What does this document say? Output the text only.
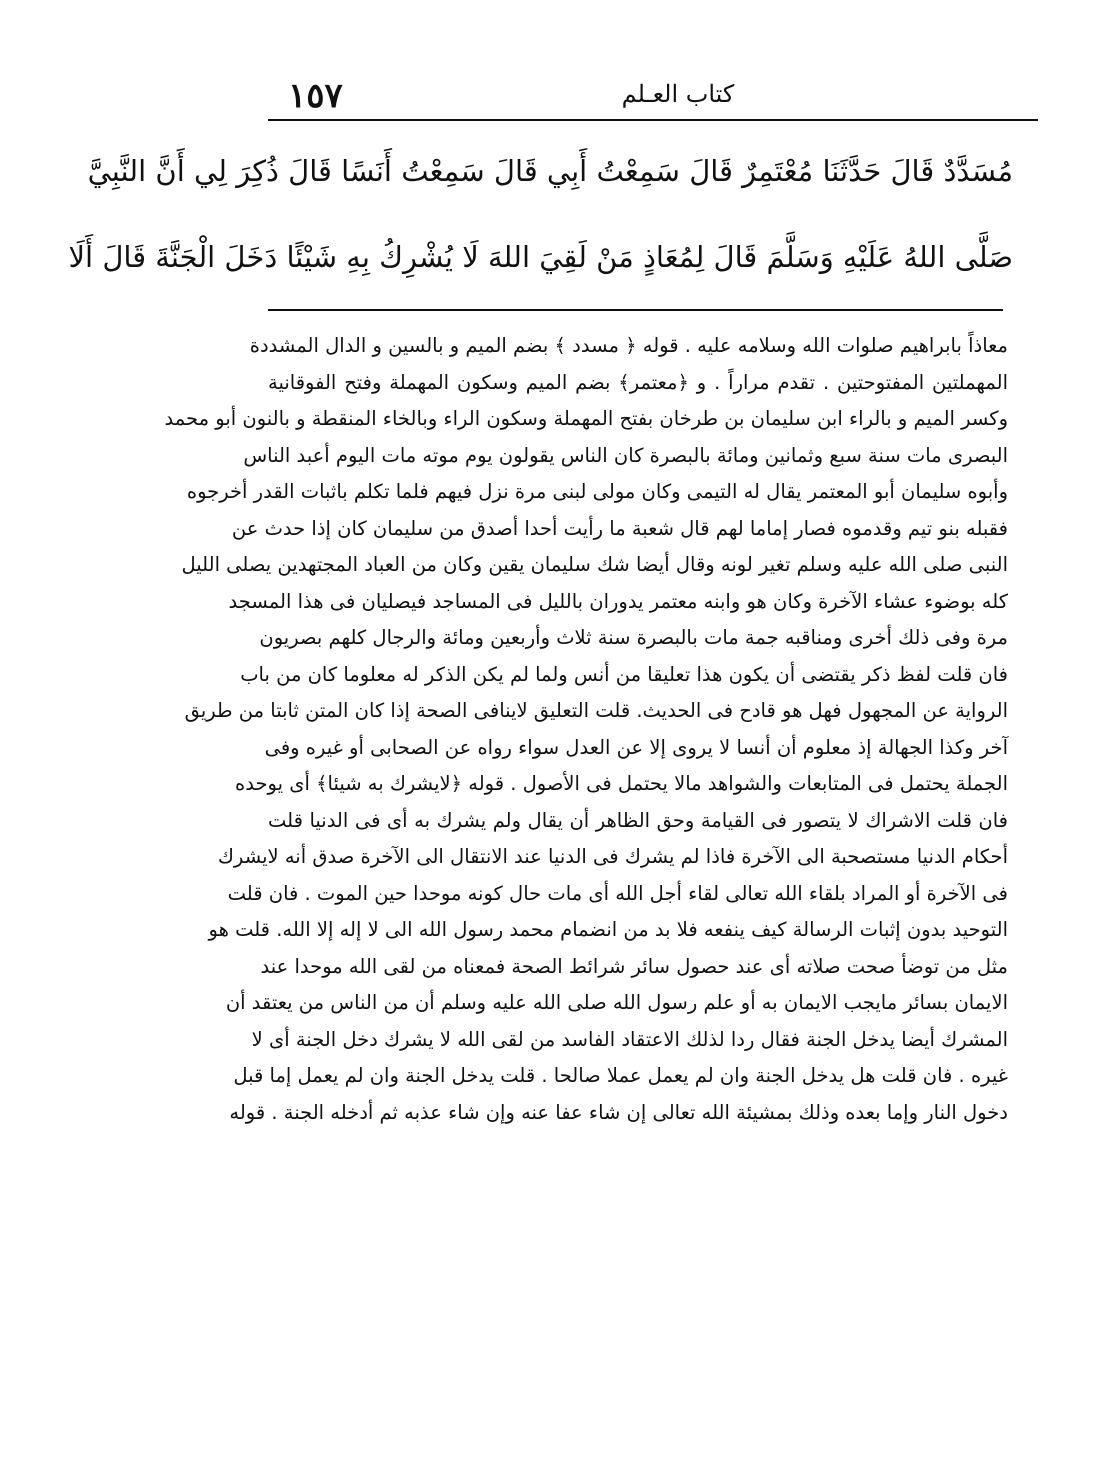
١٥٧	كتاب العـلم
مُسَدَّدٌ قَالَ حَدَّثَنَا مُعْتَمِرٌ قَالَ سَمِعْتُ أَبِي قَالَ سَمِعْتُ أَنَسًا قَالَ ذُكِرَ لِي أَنَّ النَّبِيَّ
صَلَّى اللهُ عَلَيْهِ وَسَلَّمَ قَالَ لِمُعَاذٍ مَنْ لَقِيَ اللهَ لَا يُشْرِكُ بِهِ شَيْئًا دَخَلَ الْجَنَّةَ قَالَ أَلَا
معاذاً بابراهيم صلوات الله وسلامه عليه . قوله ﴿ مسدد ﴾ بضم الميم و بالسين و الدال المشددة
المهملتين المفتوحتين . تقدم مراراً . و ﴿معتمر﴾ بضم الميم وسكون المهملة وفتح الفوقانية
وكسر الميم و بالراء ابن سليمان بن طرخان بفتح المهملة وسكون الراء وبالخاء المنقطة و بالنون أبو محمد
البصرى مات سنة سبع وثمانين ومائة بالبصرة كان الناس يقولون يوم موته مات اليوم أعبد الناس
وأبوه سليمان أبو المعتمر يقال له التيمى وكان مولى لبنى مرة نزل فيهم فلما تكلم باثبات القدر أخرجوه
فقبله بنو تيم وقدموه فصار إماما لهم قال شعبة ما رأيت أحدا أصدق من سليمان كان إذا حدث عن
النبى صلى الله عليه وسلم تغير لونه وقال أيضا شك سليمان يقين وكان من العباد المجتهدين يصلى الليل
كله بوضوء عشاء الآخرة وكان هو وابنه معتمر يدوران بالليل فى المساجد فيصليان فى هذا المسجد
مرة وفى ذلك أخرى ومناقبه جمة مات بالبصرة سنة ثلاث وأربعين ومائة والرجال كلهم بصريون
فان قلت لفظ ذكر يقتضى أن يكون هذا تعليقا من أنس ولما لم يكن الذكر له معلوما كان من باب
الرواية عن المجهول فهل هو قادح فى الحديث. قلت التعليق لاينافى الصحة إذا كان المتن ثابتا من طريق
آخر وكذا الجهالة إذ معلوم أن أنسا لا يروى إلا عن العدل سواء رواه عن الصحابى أو غيره وفى
الجملة يحتمل فى المتابعات والشواهد مالا يحتمل فى الأصول . قوله ﴿لايشرك به شيئا﴾ أى يوحده
فان قلت الاشراك لا يتصور فى القيامة وحق الظاهر أن يقال ولم يشرك به أى فى الدنيا قلت
أحكام الدنيا مستصحبة الى الآخرة فاذا لم يشرك فى الدنيا عند الانتقال الى الآخرة صدق أنه لايشرك
فى الآخرة أو المراد بلقاء الله تعالى لقاء أجل الله أى مات حال كونه موحدا حين الموت . فان قلت
التوحيد بدون إثبات الرسالة كيف ينفعه فلا بد من انضمام محمد رسول الله الى لا إله إلا الله. قلت هو
مثل من توضأ صحت صلاته أى عند حصول سائر شرائط الصحة فمعناه من لقى الله موحدا عند
الايمان بسائر مايجب الايمان به أو علم رسول الله صلى الله عليه وسلم أن من الناس من يعتقد أن
المشرك أيضا يدخل الجنة فقال ردا لذلك الاعتقاد الفاسد من لقى الله لا يشرك دخل الجنة أى لا
غيره . فان قلت هل يدخل الجنة وان لم يعمل عملا صالحا . قلت يدخل الجنة وان لم يعمل إما قبل
دخول النار وإما بعده وذلك بمشيئة الله تعالى إن شاء عفا عنه وإن شاء عذبه ثم أدخله الجنة . قوله
